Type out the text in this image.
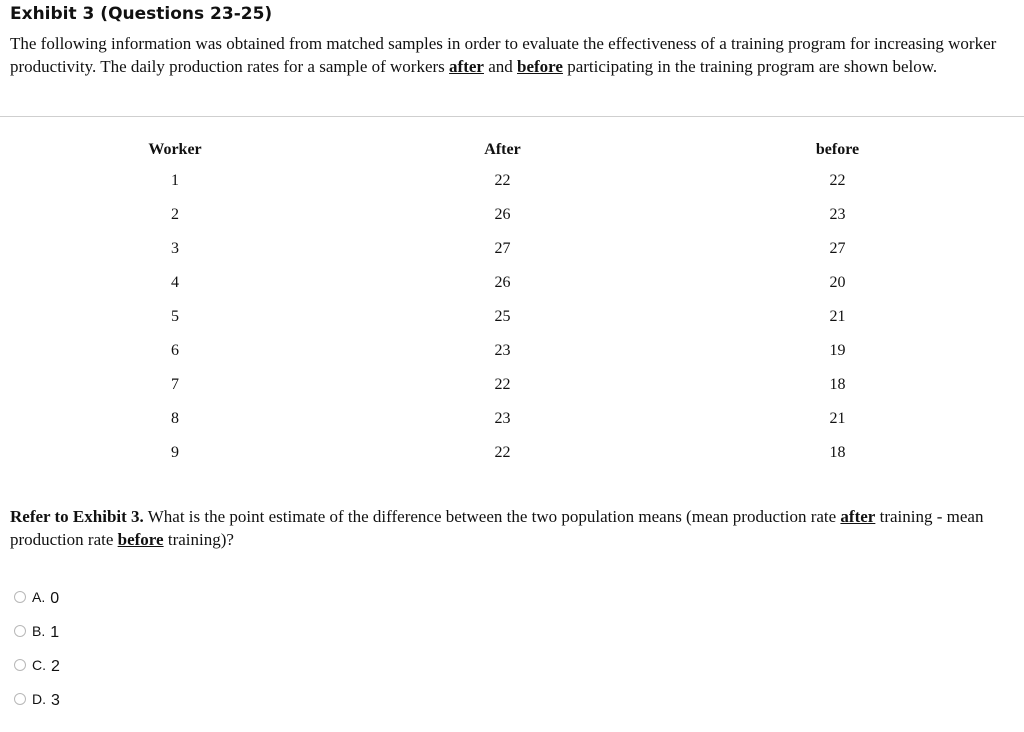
Exhibit 3 (Questions 23-25)
The following information was obtained from matched samples in order to evaluate the effectiveness of a training program for increasing worker productivity. The daily production rates for a sample of workers after and before participating in the training program are shown below.
Worker	After	before
1	22	22
2	26	23
3	27	27
4	26	20
5	25	21
6	23	19
7	22	18
8	23	21
9	22	18
Refer to Exhibit 3. What is the point estimate of the difference between the two population means (mean production rate after training - mean production rate before training)?
A. 0
B. 1
C. 2
D. 3
